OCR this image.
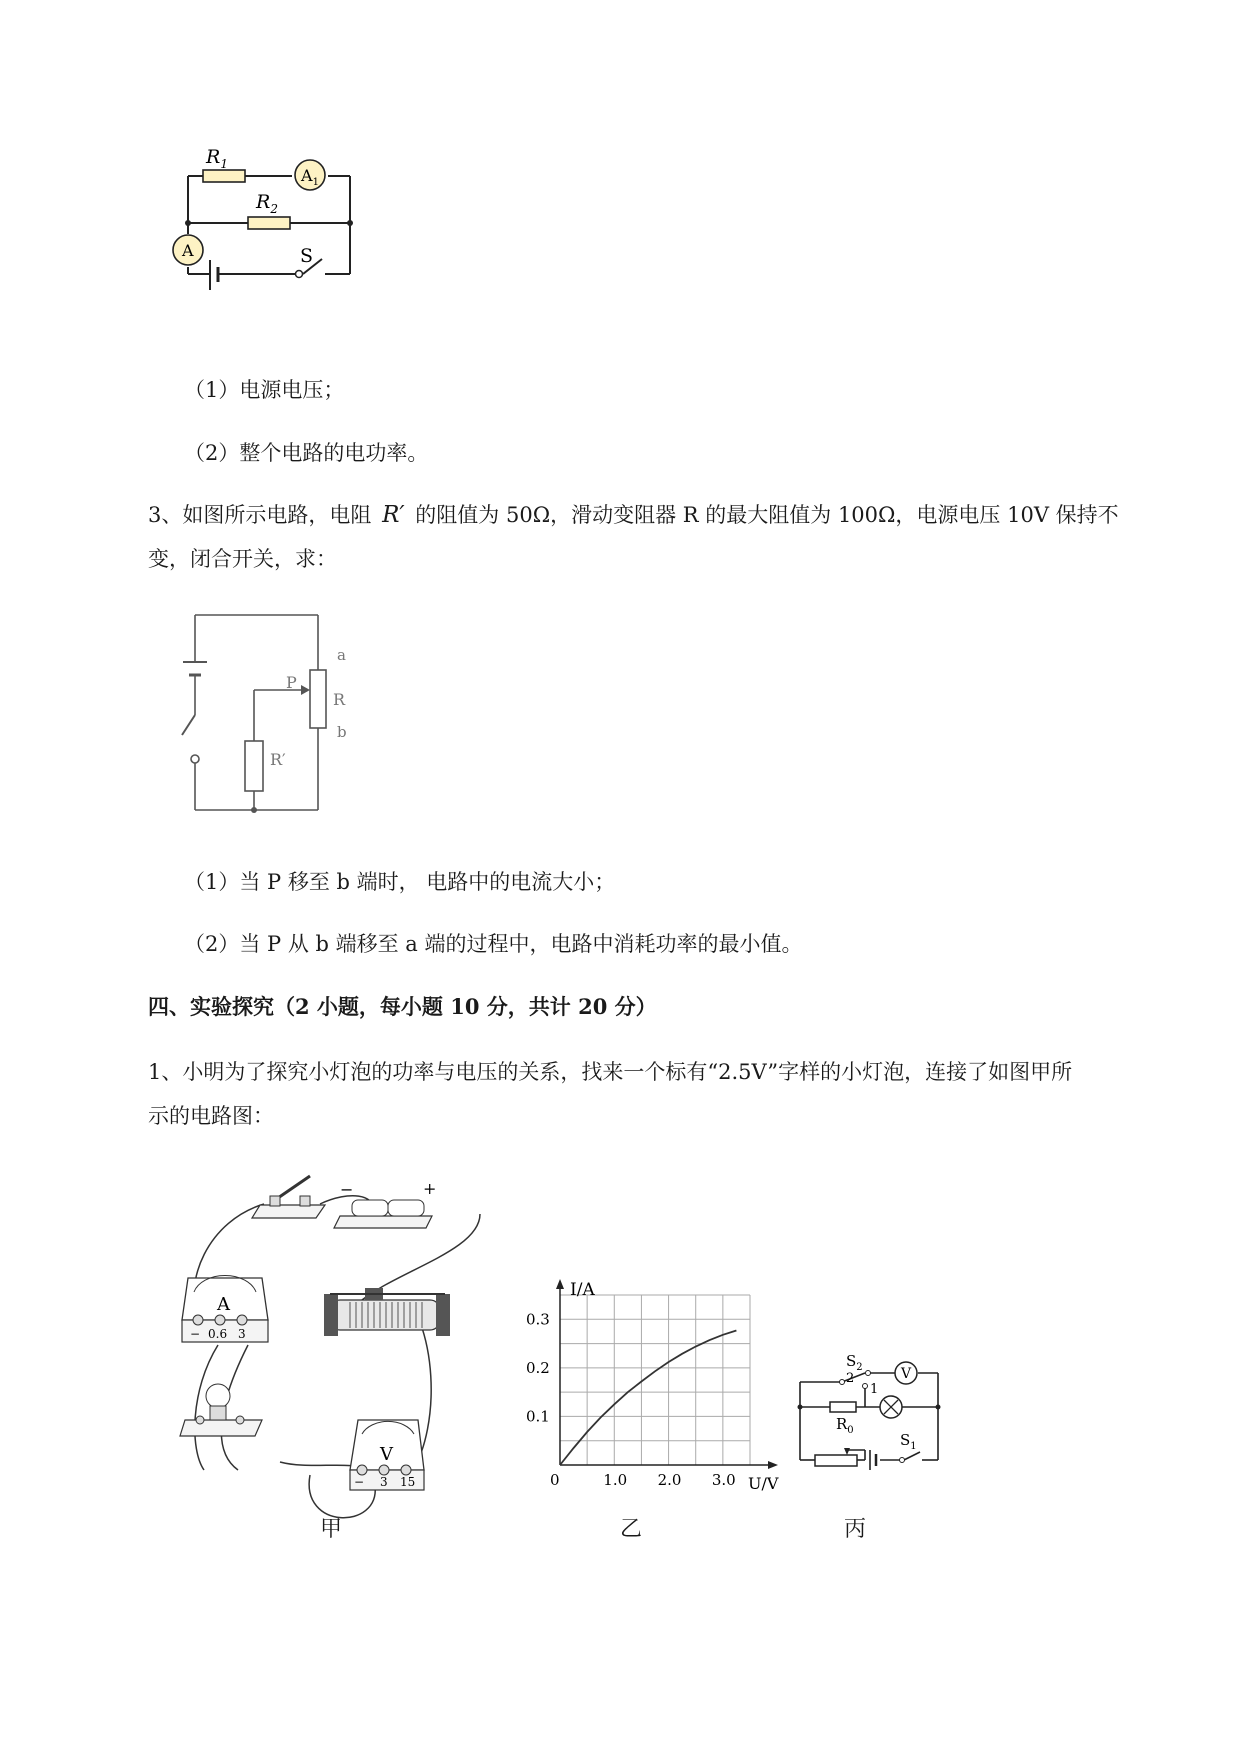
$R_1$
$R_2$
$A_1$
A	S
（1）电源电压；
（2）整个电路的电功率。
3、如图所示电路，电阻 R′ 的阻值为 50Ω，滑动变阻器 R 的最大阻值为 100Ω，电源电压 10V 保持不
变，闭合开关，求：
a
P
R
b
R′
（1）当 P 移至 b 端时， 电路中的电流大小；
（2）当 P 从 b 端移至 a 端的过程中，电路中消耗功率的最小值。
四、实验探究（2 小题，每小题 10 分，共计 20 分）
1、小明为了探究小灯泡的功率与电压的关系，找来一个标有“2.5V”字样的小灯泡，连接了如图甲所
示的电路图：
−	+
A
− 0.6 3
V
− 3 15
甲
1.0 2.0 3.0
0.1
0.2
0.3
I/A
U/V
0
乙
$S_2$
2
1
V
$R_0$
$S_1$
丙
